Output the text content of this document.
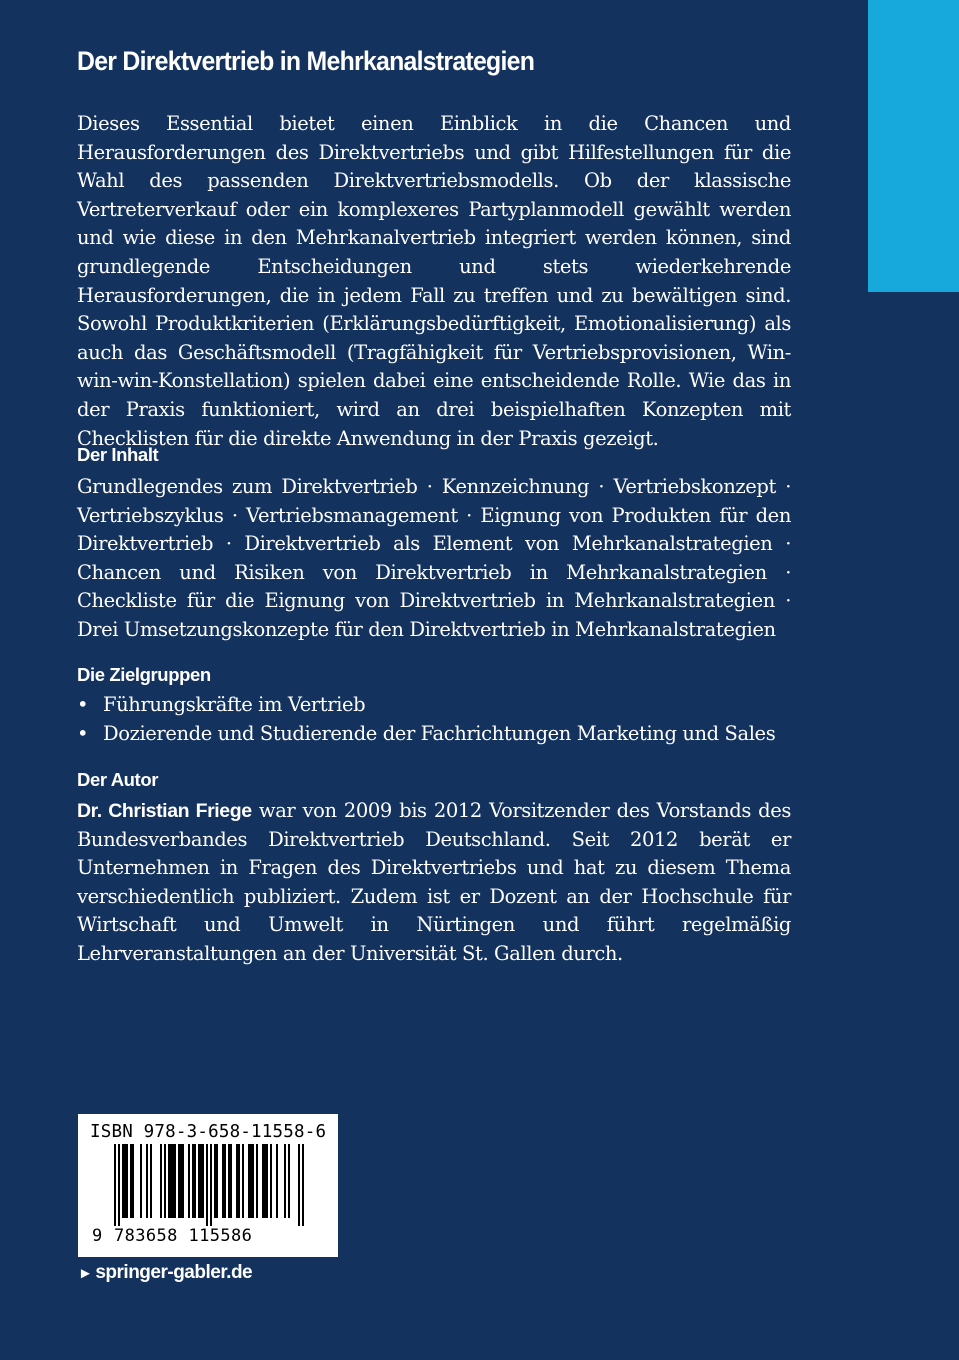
Der Direktvertrieb in Mehrkanalstrategien

Dieses Essential bietet einen Einblick in die Chancen und Herausforderungen des Direktvertriebs und gibt Hilfestellungen für die Wahl des passenden Direktvertriebsmodells. Ob der klassische Vertreterverkauf oder ein komplexeres Partyplanmodell gewählt werden und wie diese in den Mehrkanalvertrieb integriert werden können, sind grundlegende Entscheidungen und stets wiederkehrende Herausforderungen, die in jedem Fall zu treffen und zu bewältigen sind. Sowohl Produktkriterien (Erklärungsbedürftigkeit, Emotionalisierung) als auch das Geschäftsmodell (Tragfähigkeit für Vertriebsprovisionen, Win-win-win-Konstellation) spielen dabei eine entscheidende Rolle. Wie das in der Praxis funktioniert, wird an drei beispielhaften Konzepten mit Checklisten für die direkte Anwendung in der Praxis gezeigt.

Der Inhalt

Grundlegendes zum Direktvertrieb · Kennzeichnung · Vertriebskonzept · Vertriebszyklus · Vertriebsmanagement · Eignung von Produkten für den Direktvertrieb · Direktvertrieb als Element von Mehrkanalstrategien · Chancen und Risiken von Direktvertrieb in Mehrkanalstrategien · Checkliste für die Eignung von Direktvertrieb in Mehrkanalstrategien · Drei Umsetzungskonzepte für den Direktvertrieb in Mehrkanalstrategien

Die Zielgruppen
• Führungskräfte im Vertrieb
• Dozierende und Studierende der Fachrichtungen Marketing und Sales
Der Autor

Dr. Christian Friege war von 2009 bis 2012 Vorsitzender des Vorstands des Bundesverbandes Direktvertrieb Deutschland. Seit 2012 berät er Unternehmen in Fragen des Direktvertriebs und hat zu diesem Thema verschiedentlich publiziert. Zudem ist er Dozent an der Hochschule für Wirtschaft und Umwelt in Nürtingen und führt regelmäßig Lehrveranstaltungen an der Universität St. Gallen durch.

ISBN 978-3-658-11558-6

9 783658 115586

► springer-gabler.de
